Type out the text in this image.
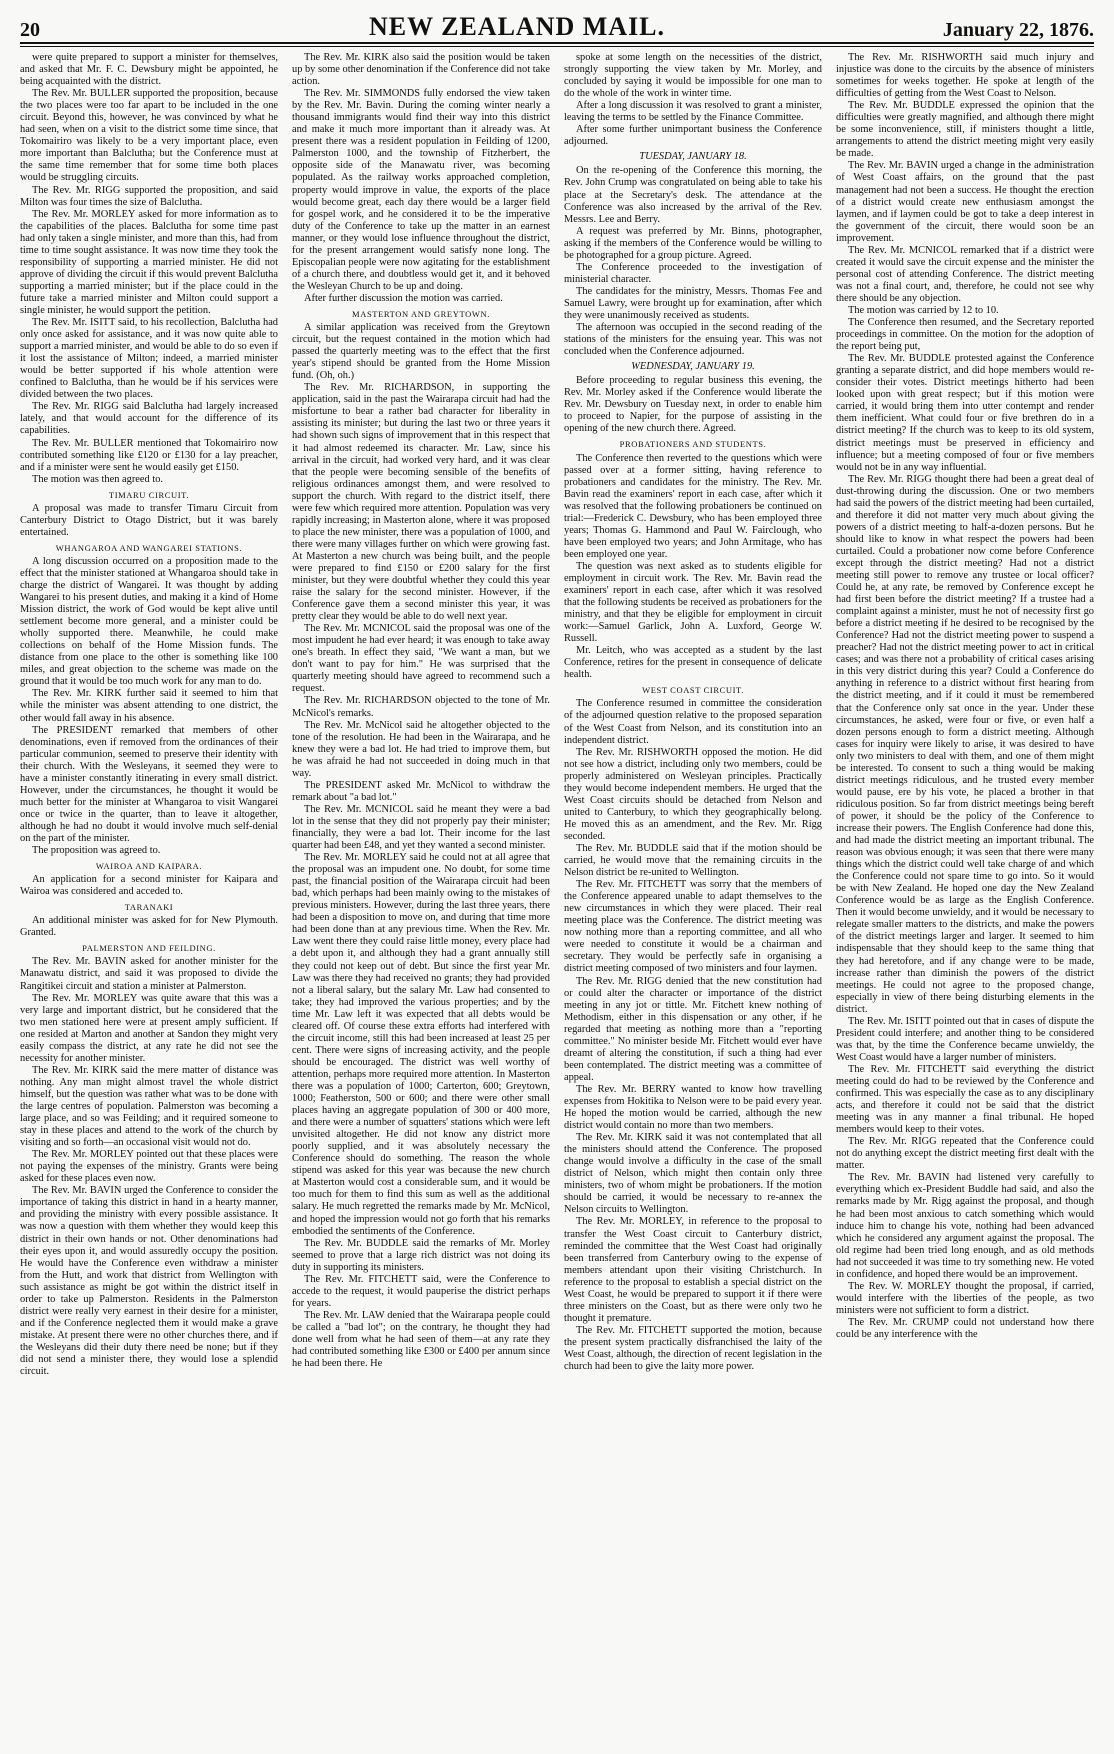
20	NEW ZEALAND MAIL.	January 22, 1876.

were quite prepared to support a minister for themselves, and asked that Mr. F. C. Dewsbury might be appointed, he being acquainted with the district.

The Rev. Mr. BULLER supported the proposition, because the two places were too far apart to be included in the one circuit. Beyond this, however, he was convinced by what he had seen, when on a visit to the district some time since, that Tokomairiro was likely to be a very important place, even more important than Balclutha; but the Conference must at the same time remember that for some time both places would be struggling circuits.

The Rev. Mr. RIGG supported the proposition, and said Milton was four times the size of Balclutha.

The Rev. Mr. MORLEY asked for more information as to the capabilities of the places. Balclutha for some time past had only taken a single minister, and more than this, had from time to time sought assistance. It was now time they took the responsibility of supporting a married minister. He did not approve of dividing the circuit if this would prevent Balclutha supporting a married minister; but if the place could in the future take a married minister and Milton could support a single minister, he would support the petition.

The Rev. Mr. ISITT said, to his recollection, Balclutha had only once asked for assistance, and it was now quite able to support a married minister, and would be able to do so even if it lost the assistance of Milton; indeed, a married minister would be better supported if his whole attention were confined to Balclutha, than he would be if his services were divided between the two places.

The Rev. Mr. RIGG said Balclutha had largely increased lately, and that would account for the difference of its capabilities.

The Rev. Mr. BULLER mentioned that Tokomairiro now contributed something like £120 or £130 for a lay preacher, and if a minister were sent he would easily get £150.

The motion was then agreed to.

TIMARU CIRCUIT.

A proposal was made to transfer Timaru Circuit from Canterbury District to Otago District, but it was barely entertained.

WHANGAROA AND WANGAREI STATIONS.

A long discussion occurred on a proposition made to the effect that the minister stationed at Whangaroa should take in charge the district of Wangarei. It was thought by adding Wangarei to his present duties, and making it a kind of Home Mission district, the work of God would be kept alive until settlement become more general, and a minister could be wholly supported there. Meanwhile, he could make collections on behalf of the Home Mission funds. The distance from one place to the other is something like 100 miles, and great objection to the scheme was made on the ground that it would be too much work for any man to do.

The Rev. Mr. KIRK further said it seemed to him that while the minister was absent attending to one district, the other would fall away in his absence.

The PRESIDENT remarked that members of other denominations, even if removed from the ordinances of their particular communion, seemed to preserve their identity with their church. With the Wesleyans, it seemed they were to have a minister constantly itinerating in every small district. However, under the circumstances, he thought it would be much better for the minister at Whangaroa to visit Wangarei once or twice in the quarter, than to leave it altogether, although he had no doubt it would involve much self-denial on the part of the minister.

The proposition was agreed to.

WAIROA AND KAIPARA.

An application for a second minister for Kaipara and Wairoa was considered and acceded to.

TARANAKI

An additional minister was asked for for New Plymouth. Granted.

PALMERSTON AND FEILDING.

The Rev. Mr. BAVIN asked for another minister for the Manawatu district, and said it was proposed to divide the Rangitikei circuit and station a minister at Palmerston.

The Rev. Mr. MORLEY was quite aware that this was a very large and important district, but he considered that the two men stationed here were at present amply sufficient. If one resided at Marton and another at Sandon they might very easily compass the district, at any rate he did not see the necessity for another minister.

The Rev. Mr. KIRK said the mere matter of distance was nothing. Any man might almost travel the whole district himself, but the question was rather what was to be done with the large centres of population. Palmerston was becoming a large place, and so was Feilding; and it required someone to stay in these places and attend to the work of the church by visiting and so forth—an occasional visit would not do.

The Rev. Mr. MORLEY pointed out that these places were not paying the expenses of the ministry. Grants were being asked for these places even now.

The Rev. Mr. BAVIN urged the Conference to consider the importance of taking this district in hand in a hearty manner, and providing the ministry with every possible assistance. It was now a question with them whether they would keep this district in their own hands or not. Other denominations had their eyes upon it, and would assuredly occupy the position. He would have the Conference even withdraw a minister from the Hutt, and work that district from Wellington with such assistance as might be got within the district itself in order to take up Palmerston. Residents in the Palmerston district were really very earnest in their desire for a minister, and if the Conference neglected them it would make a grave mistake. At present there were no other churches there, and if the Wesleyans did their duty there need be none; but if they did not send a minister there, they would lose a splendid circuit.

The Rev. Mr. KIRK also said the position would be taken up by some other denomination if the Conference did not take action.

The Rev. Mr. SIMMONDS fully endorsed the view taken by the Rev. Mr. Bavin. During the coming winter nearly a thousand immigrants would find their way into this district and make it much more important than it already was. At present there was a resident population in Feilding of 1200, Palmerston 1000, and the township of Fitzherbert, the opposite side of the Manawatu river, was becoming populated. As the railway works approached completion, property would improve in value, the exports of the place would become great, each day there would be a larger field for gospel work, and he considered it to be the imperative duty of the Conference to take up the matter in an earnest manner, or they would lose influence throughout the district, for the present arrangement would satisfy none long. The Episcopalian people were now agitating for the establishment of a church there, and doubtless would get it, and it behoved the Wesleyan Church to be up and doing.

After further discussion the motion was carried.

MASTERTON AND GREYTOWN.

A similar application was received from the Greytown circuit, but the request contained in the motion which had passed the quarterly meeting was to the effect that the first year's stipend should be granted from the Home Mission fund. (Oh, oh.)

The Rev. Mr. RICHARDSON, in supporting the application, said in the past the Wairarapa circuit had had the misfortune to bear a rather bad character for liberality in assisting its minister; but during the last two or three years it had shown such signs of improvement that in this respect that it had almost redeemed its character. Mr. Law, since his arrival in the circuit, had worked very hard, and it was clear that the people were becoming sensible of the benefits of religious ordinances amongst them, and were resolved to support the church. With regard to the district itself, there were few which required more attention. Population was very rapidly increasing; in Masterton alone, where it was proposed to place the new minister, there was a population of 1000, and there were many villages further on which were growing fast. At Masterton a new church was being built, and the people were prepared to find £150 or £200 salary for the first minister, but they were doubtful whether they could this year raise the salary for the second minister. However, if the Conference gave them a second minister this year, it was pretty clear they would be able to do well next year.

The Rev. Mr. MCNICOL said the proposal was one of the most impudent he had ever heard; it was enough to take away one's breath. In effect they said, "We want a man, but we don't want to pay for him." He was surprised that the quarterly meeting should have agreed to recommend such a request.

The Rev. Mr. RICHARDSON objected to the tone of Mr. McNicol's remarks.

The Rev. Mr. McNicol said he altogether objected to the tone of the resolution. He had been in the Wairarapa, and he knew they were a bad lot. He had tried to improve them, but he was afraid he had not succeeded in doing much in that way.

The PRESIDENT asked Mr. McNicol to withdraw the remark about "a bad lot."

The Rev. Mr. MCNICOL said he meant they were a bad lot in the sense that they did not properly pay their minister; financially, they were a bad lot. Their income for the last quarter had been £48, and yet they wanted a second minister.

The Rev. Mr. MORLEY said he could not at all agree that the proposal was an impudent one. No doubt, for some time past, the financial position of the Wairarapa circuit had been bad, which perhaps had been mainly owing to the mistakes of previous ministers. However, during the last three years, there had been a disposition to move on, and during that time more had been done than at any previous time. When the Rev. Mr. Law went there they could raise little money, every place had a debt upon it, and although they had a grant annually still they could not keep out of debt. But since the first year Mr. Law was there they had received no grants; they had provided not a liberal salary, but the salary Mr. Law had consented to take; they had improved the various properties; and by the time Mr. Law left it was expected that all debts would be cleared off. Of course these extra efforts had interfered with the circuit income, still this had been increased at least 25 per cent. There were signs of increasing activity, and the people should be encouraged. The district was well worthy of attention, perhaps more required more attention. In Masterton there was a population of 1000; Carterton, 600; Greytown, 1000; Featherston, 500 or 600; and there were other small places having an aggregate population of 300 or 400 more, and there were a number of squatters' stations which were left unvisited altogether. He did not know any district more poorly supplied, and it was absolutely necessary the Conference should do something. The reason the whole stipend was asked for this year was because the new church at Masterton would cost a considerable sum, and it would be too much for them to find this sum as well as the additional salary. He much regretted the remarks made by Mr. McNicol, and hoped the impression would not go forth that his remarks embodied the sentiments of the Conference.

The Rev. Mr. BUDDLE said the remarks of Mr. Morley seemed to prove that a large rich district was not doing its duty in supporting its ministers.

The Rev. Mr. FITCHETT said, were the Conference to accede to the request, it would pauperise the district perhaps for years.

The Rev. Mr. LAW denied that the Wairarapa people could be called a "bad lot"; on the contrary, he thought they had done well from what he had seen of them—at any rate they had contributed something like £300 or £400 per annum since he had been there. He

spoke at some length on the necessities of the district, strongly supporting the view taken by Mr. Morley, and concluded by saying it would be impossible for one man to do the whole of the work in winter time.

After a long discussion it was resolved to grant a minister, leaving the terms to be settled by the Finance Committee.

After some further unimportant business the Conference adjourned.

TUESDAY, JANUARY 18.

On the re-opening of the Conference this morning, the Rev. John Crump was congratulated on being able to take his place at the Secretary's desk. The attendance at the Conference was also increased by the arrival of the Rev. Messrs. Lee and Berry.

A request was preferred by Mr. Binns, photographer, asking if the members of the Conference would be willing to be photographed for a group picture. Agreed.

The Conference proceeded to the investigation of ministerial character.

The candidates for the ministry, Messrs. Thomas Fee and Samuel Lawry, were brought up for examination, after which they were unanimously received as students.

The afternoon was occupied in the second reading of the stations of the ministers for the ensuing year. This was not concluded when the Conference adjourned.

WEDNESDAY, JANUARY 19.

Before proceeding to regular business this evening, the Rev. Mr. Morley asked if the Conference would liberate the Rev. Mr. Dewsbury on Tuesday next, in order to enable him to proceed to Napier, for the purpose of assisting in the opening of the new church there. Agreed.

PROBATIONERS AND STUDENTS.

The Conference then reverted to the questions which were passed over at a former sitting, having reference to probationers and candidates for the ministry. The Rev. Mr. Bavin read the examiners' report in each case, after which it was resolved that the following probationers be continued on trial:—Frederick C. Dewsbury, who has been employed three years; Thomas G. Hammond and Paul W. Fairclough, who have been employed two years; and John Armitage, who has been employed one year.

The question was next asked as to students eligible for employment in circuit work. The Rev. Mr. Bavin read the examiners' report in each case, after which it was resolved that the following students be received as probationers for the ministry, and that they be eligible for employment in circuit work:—Samuel Garlick, John A. Luxford, George W. Russell.

Mr. Leitch, who was accepted as a student by the last Conference, retires for the present in consequence of delicate health.

WEST COAST CIRCUIT.

The Conference resumed in committee the consideration of the adjourned question relative to the proposed separation of the West Coast from Nelson, and its constitution into an independent district.

The Rev. Mr. RISHWORTH opposed the motion. He did not see how a district, including only two members, could be properly administered on Wesleyan principles. Practically they would become independent members. He urged that the West Coast circuits should be detached from Nelson and united to Canterbury, to which they geographically belong. He moved this as an amendment, and the Rev. Mr. Rigg seconded.

The Rev. Mr. BUDDLE said that if the motion should be carried, he would move that the remaining circuits in the Nelson district be re-united to Wellington.

The Rev. Mr. FITCHETT was sorry that the members of the Conference appeared unable to adapt themselves to the new circumstances in which they were placed. Their real meeting place was the Conference. The district meeting was now nothing more than a reporting committee, and all who were needed to constitute it would be a chairman and secretary. They would be perfectly safe in organising a district meeting composed of two ministers and four laymen.

The Rev. Mr. RIGG denied that the new constitution had or could alter the character or importance of the district meeting in any jot or tittle. Mr. Fitchett knew nothing of Methodism, either in this dispensation or any other, if he regarded that meeting as nothing more than a "reporting committee." No minister beside Mr. Fitchett would ever have dreamt of altering the constitution, if such a thing had ever been contemplated. The district meeting was a committee of appeal.

The Rev. Mr. BERRY wanted to know how travelling expenses from Hokitika to Nelson were to be paid every year. He hoped the motion would be carried, although the new district would contain no more than two members.

The Rev. Mr. KIRK said it was not contemplated that all the ministers should attend the Conference. The proposed change would involve a difficulty in the case of the small district of Nelson, which might then contain only three ministers, two of whom might be probationers. If the motion should be carried, it would be necessary to re-annex the Nelson circuits to Wellington.

The Rev. Mr. MORLEY, in reference to the proposal to transfer the West Coast circuit to Canterbury district, reminded the committee that the West Coast had originally been transferred from Canterbury owing to the expense of members attendant upon their visiting Christchurch. In reference to the proposal to establish a special district on the West Coast, he would be prepared to support it if there were three ministers on the Coast, but as there were only two he thought it premature.

The Rev. Mr. FITCHETT supported the motion, because the present system practically disfranchised the laity of the West Coast, although, the direction of recent legislation in the church had been to give the laity more power.

The Rev. Mr. RISHWORTH said much injury and injustice was done to the circuits by the absence of ministers sometimes for weeks together. He spoke at length of the difficulties of getting from the West Coast to Nelson.

The Rev. Mr. BUDDLE expressed the opinion that the difficulties were greatly magnified, and although there might be some inconvenience, still, if ministers thought a little, arrangements to attend the district meeting might very easily be made.

The Rev. Mr. BAVIN urged a change in the administration of West Coast affairs, on the ground that the past management had not been a success. He thought the erection of a district would create new enthusiasm amongst the laymen, and if laymen could be got to take a deep interest in the government of the circuit, there would soon be an improvement.

The Rev. Mr. MCNICOL remarked that if a district were created it would save the circuit expense and the minister the personal cost of attending Conference. The district meeting was not a final court, and, therefore, he could not see why there should be any objection.

The motion was carried by 12 to 10.

The Conference then resumed, and the Secretary reported proceedings in committee. On the motion for the adoption of the report being put,

The Rev. Mr. BUDDLE protested against the Conference granting a separate district, and did hope members would re-consider their votes. District meetings hitherto had been looked upon with great respect; but if this motion were carried, it would bring them into utter contempt and render them inefficient. What could four or five brethren do in a district meeting? If the church was to keep to its old system, district meetings must be preserved in efficiency and influence; but a meeting composed of four or five members would not be in any way influential.

The Rev. Mr. RIGG thought there had been a great deal of dust-throwing during the discussion. One or two members had said the powers of the district meeting had been curtailed, and therefore it did not matter very much about giving the powers of a district meeting to half-a-dozen persons. But he should like to know in what respect the powers had been curtailed. Could a probationer now come before Conference except through the district meeting? Had not a district meeting still power to remove any trustee or local officer? Could he, at any rate, be removed by Conference except he had first been before the district meeting? If a trustee had a complaint against a minister, must he not of necessity first go before a district meeting if he desired to be recognised by the Conference? Had not the district meeting power to suspend a preacher? Had not the district meeting power to act in critical cases; and was there not a probability of critical cases arising in this very district during this year? Could a Conference do anything in reference to a district without first hearing from the district meeting, and if it could it must be remembered that the Conference only sat once in the year. Under these circumstances, he asked, were four or five, or even half a dozen persons enough to form a district meeting. Although cases for inquiry were likely to arise, it was desired to have only two ministers to deal with them, and one of them might be interested. To consent to such a thing would be making district meetings ridiculous, and he trusted every member would pause, ere by his vote, he placed a brother in that ridiculous position. So far from district meetings being bereft of power, it should be the policy of the Conference to increase their powers. The English Conference had done this, and had made the district meeting an important tribunal. The reason was obvious enough; it was seen that there were many things which the district could well take charge of and which the Conference could not spare time to go into. So it would be with New Zealand. He hoped one day the New Zealand Conference would be as large as the English Conference. Then it would become unwieldy, and it would be necessary to relegate smaller matters to the districts, and make the powers of the district meetings larger and larger. It seemed to him indispensable that they should keep to the same thing that they had heretofore, and if any change were to be made, increase rather than diminish the powers of the district meetings. He could not agree to the proposed change, especially in view of there being disturbing elements in the district.

The Rev. Mr. ISITT pointed out that in cases of dispute the President could interfere; and another thing to be considered was that, by the time the Conference became unwieldy, the West Coast would have a larger number of ministers.

The Rev. Mr. FITCHETT said everything the district meeting could do had to be reviewed by the Conference and confirmed. This was especially the case as to any disciplinary acts, and therefore it could not be said that the district meeting was in any manner a final tribunal. He hoped members would keep to their votes.

The Rev. Mr. RIGG repeated that the Conference could not do anything except the district meeting first dealt with the matter.

The Rev. Mr. BAVIN had listened very carefully to everything which ex-President Buddle had said, and also the remarks made by Mr. Rigg against the proposal, and though he had been most anxious to catch something which would induce him to change his vote, nothing had been advanced which he considered any argument against the proposal. The old regime had been tried long enough, and as old methods had not succeeded it was time to try something new. He voted in confidence, and hoped there would be an improvement.

The Rev. W. MORLEY thought the proposal, if carried, would interfere with the liberties of the people, as two ministers were not sufficient to form a district.

The Rev. Mr. CRUMP could not understand how there could be any interference with the
